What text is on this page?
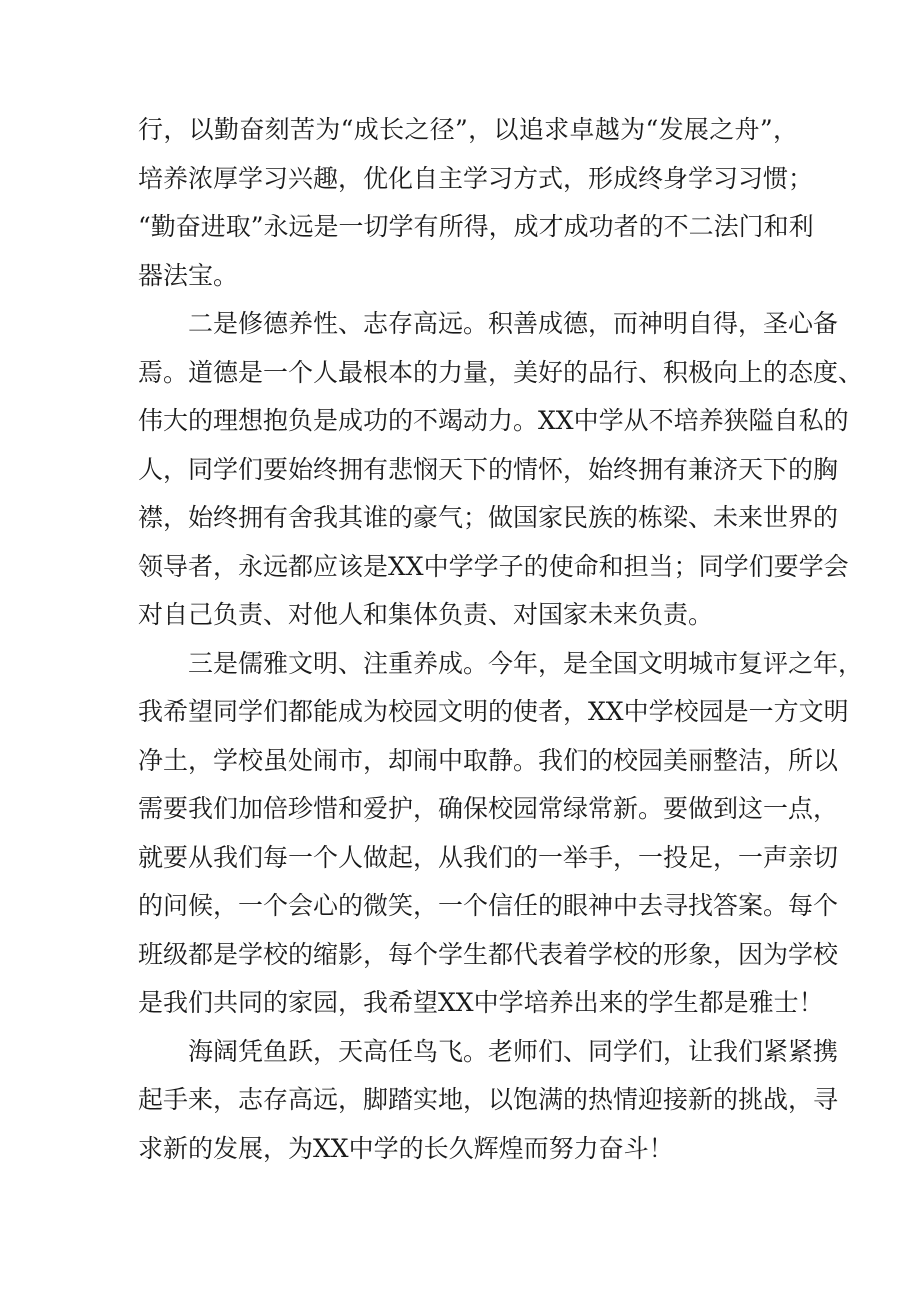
行，以勤奋刻苦为“成长之径”，以追求卓越为“发展之舟”，
培养浓厚学习兴趣，优化自主学习方式，形成终身学习习惯；
“勤奋进取”永远是一切学有所得，成才成功者的不二法门和利
器法宝。
二是修德养性、志存高远。积善成德，而神明自得，圣心备
焉。道德是一个人最根本的力量，美好的品行、积极向上的态度、
伟大的理想抱负是成功的不竭动力。XX中学从不培养狭隘自私的
人，同学们要始终拥有悲悯天下的情怀，始终拥有兼济天下的胸
襟，始终拥有舍我其谁的豪气；做国家民族的栋梁、未来世界的
领导者，永远都应该是XX中学学子的使命和担当；同学们要学会
对自己负责、对他人和集体负责、对国家未来负责。
三是儒雅文明、注重养成。今年，是全国文明城市复评之年，
我希望同学们都能成为校园文明的使者，XX中学校园是一方文明
净土，学校虽处闹市，却闹中取静。我们的校园美丽整洁，所以
需要我们加倍珍惜和爱护，确保校园常绿常新。要做到这一点，
就要从我们每一个人做起，从我们的一举手，一投足，一声亲切
的问候，一个会心的微笑，一个信任的眼神中去寻找答案。每个
班级都是学校的缩影，每个学生都代表着学校的形象，因为学校
是我们共同的家园，我希望XX中学培养出来的学生都是雅士！
海阔凭鱼跃，天高任鸟飞。老师们、同学们，让我们紧紧携
起手来，志存高远，脚踏实地，以饱满的热情迎接新的挑战，寻
求新的发展，为XX中学的长久辉煌而努力奋斗！
